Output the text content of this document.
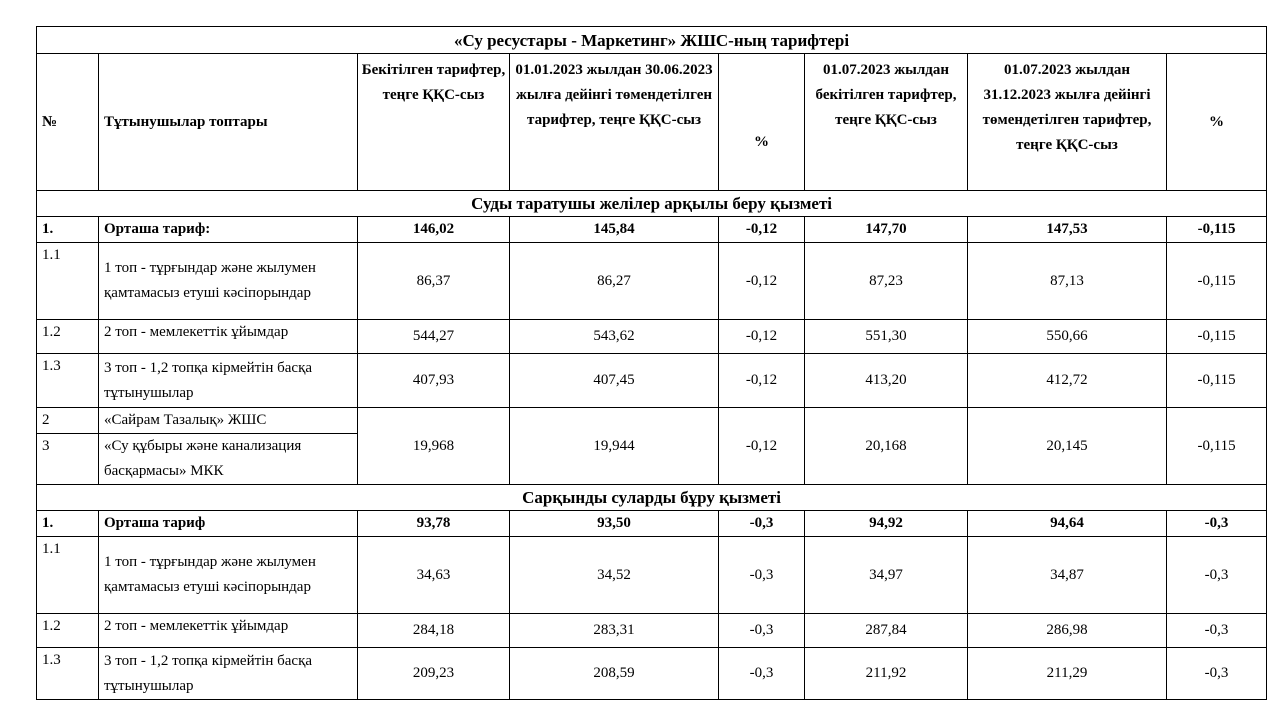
«Су ресустары - Маркетинг» ЖШС-ның тарифтері							
№	Тұтынушылар топтары	Бекітілген тарифтер, теңге ҚҚС-сыз	01.01.2023 жылдан 30.06.2023 жылға дейінгі төмендетілген тарифтер, теңге ҚҚС-сыз	%	01.07.2023 жылдан бекітілген тарифтер, теңге ҚҚС-сыз	01.07.2023 жылдан 31.12.2023 жылға дейінгі төмендетілген тарифтер, теңге ҚҚС-сыз	%
Суды таратушы желілер арқылы беру қызметі							
1.	Орташа тариф:	146,02	145,84	-0,12	147,70	147,53	-0,115
1.1	1 топ - тұрғындар және жылумен қамтамасыз етуші кәсіпорындар	86,37	86,27	-0,12	87,23	87,13	-0,115
1.2	2 топ - мемлекеттік ұйымдар	544,27	543,62	-0,12	551,30	550,66	-0,115
1.3	3 топ - 1,2 топқа кірмейтін басқа тұтынушылар	407,93	407,45	-0,12	413,20	412,72	-0,115
2	«Сайрам Тазалық» ЖШС	19,968	19,944	-0,12	20,168	20,145	-0,115
3	«Су құбыры және канализация басқармасы» МКК						
Сарқынды суларды бұру қызметі							
1.	Орташа тариф	93,78	93,50	-0,3	94,92	94,64	-0,3
1.1	1 топ - тұрғындар және жылумен қамтамасыз етуші кәсіпорындар	34,63	34,52	-0,3	34,97	34,87	-0,3
1.2	2 топ - мемлекеттік ұйымдар	284,18	283,31	-0,3	287,84	286,98	-0,3
1.3	3 топ - 1,2 топқа кірмейтін басқа тұтынушылар	209,23	208,59	-0,3	211,92	211,29	-0,3
